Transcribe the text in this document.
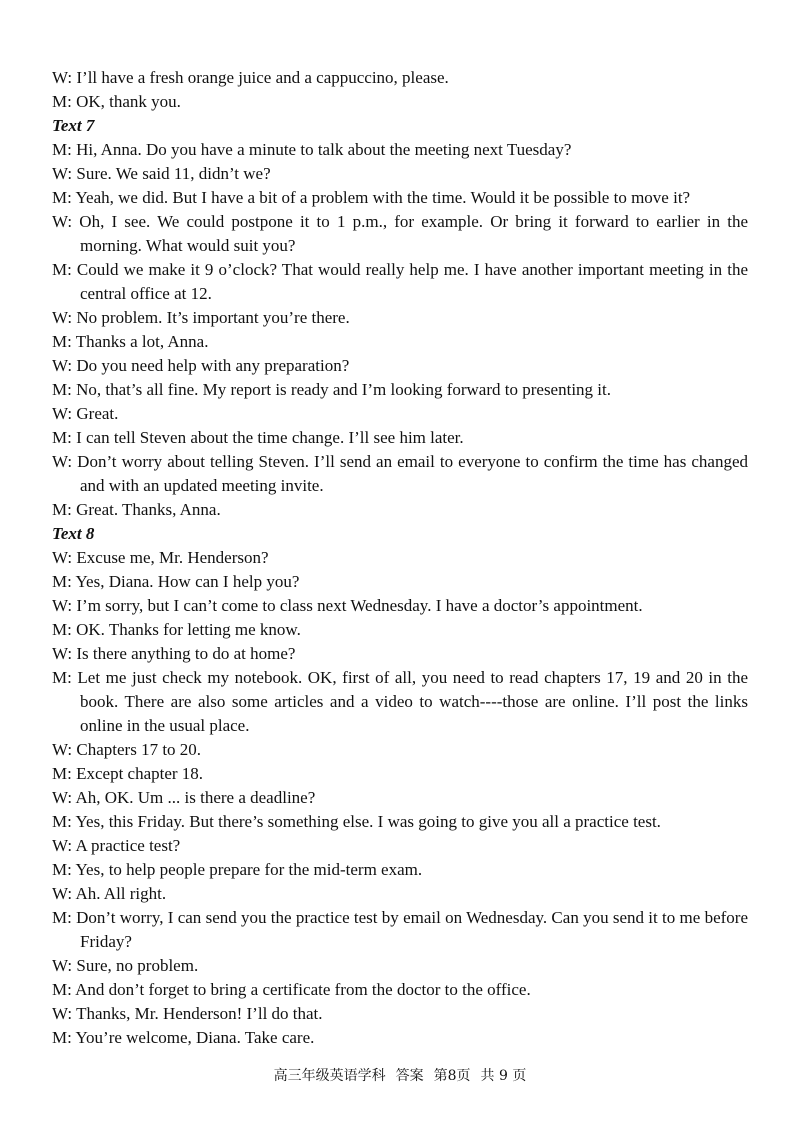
W: I’ll have a fresh orange juice and a cappuccino, please.
M: OK, thank you.
Text 7
M: Hi, Anna. Do you have a minute to talk about the meeting next Tuesday?
W: Sure. We said 11, didn’t we?
M: Yeah, we did. But I have a bit of a problem with the time. Would it be possible to move it?
W: Oh, I see. We could postpone it to 1 p.m., for example. Or bring it forward to earlier in the morning. What would suit you?
M: Could we make it 9 o’clock? That would really help me. I have another important meeting in the central office at 12.
W: No problem. It’s important you’re there.
M: Thanks a lot, Anna.
W: Do you need help with any preparation?
M: No, that’s all fine. My report is ready and I’m looking forward to presenting it.
W: Great.
M: I can tell Steven about the time change. I’ll see him later.
W: Don’t worry about telling Steven. I’ll send an email to everyone to confirm the time has changed and with an updated meeting invite.
M: Great. Thanks, Anna.
Text 8
W: Excuse me, Mr. Henderson?
M: Yes, Diana. How can I help you?
W: I’m sorry, but I can’t come to class next Wednesday. I have a doctor’s appointment.
M: OK. Thanks for letting me know.
W: Is there anything to do at home?
M: Let me just check my notebook. OK, first of all, you need to read chapters 17, 19 and 20 in the book. There are also some articles and a video to watch----those are online. I’ll post the links online in the usual place.
W: Chapters 17 to 20.
M: Except chapter 18.
W: Ah, OK. Um ... is there a deadline?
M: Yes, this Friday. But there’s something else. I was going to give you all a practice test.
W: A practice test?
M: Yes, to help people prepare for the mid-term exam.
W: Ah. All right.
M: Don’t worry, I can send you the practice test by email on Wednesday. Can you send it to me before Friday?
W: Sure, no problem.
M: And don’t forget to bring a certificate from the doctor to the office.
W: Thanks, Mr. Henderson! I’ll do that.
M: You’re welcome, Diana. Take care.
高三年级英语学科 答案 第8页 共 9 页
